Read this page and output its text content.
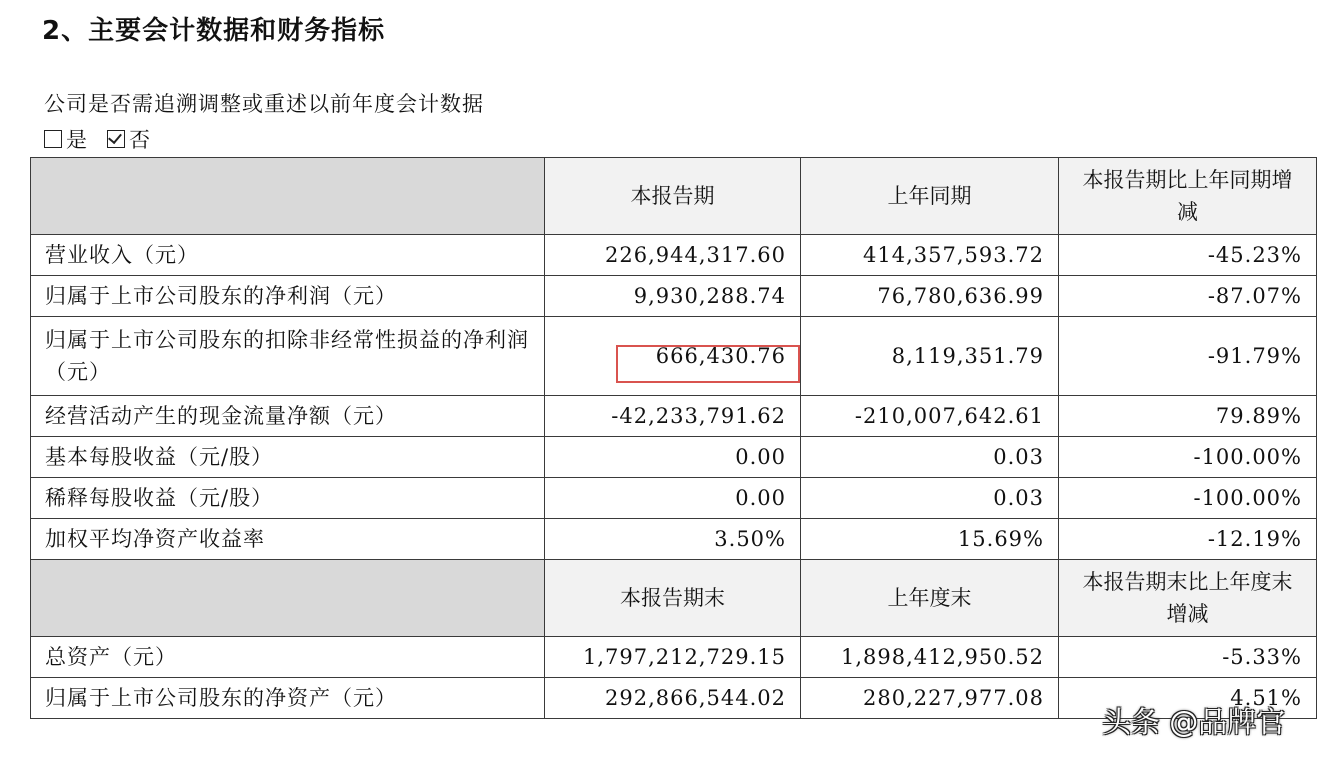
2、主要会计数据和财务指标
公司是否需追溯调整或重述以前年度会计数据
是 否
	本报告期	上年同期	本报告期比上年同期增减
营业收入（元）	226,944,317.60	414,357,593.72	-45.23%
归属于上市公司股东的净利润（元）	9,930,288.74	76,780,636.99	-87.07%
归属于上市公司股东的扣除非经常性损益的净利润（元）	666,430.76	8,119,351.79	-91.79%
经营活动产生的现金流量净额（元）	-42,233,791.62	-210,007,642.61	79.89%
基本每股收益（元/股）	0.00	0.03	-100.00%
稀释每股收益（元/股）	0.00	0.03	-100.00%
加权平均净资产收益率	3.50%	15.69%	-12.19%
	本报告期末	上年度末	本报告期末比上年度末增减
总资产（元）	1,797,212,729.15	1,898,412,950.52	-5.33%
归属于上市公司股东的净资产（元）	292,866,544.02	280,227,977.08	4.51%
头条 @品牌官
